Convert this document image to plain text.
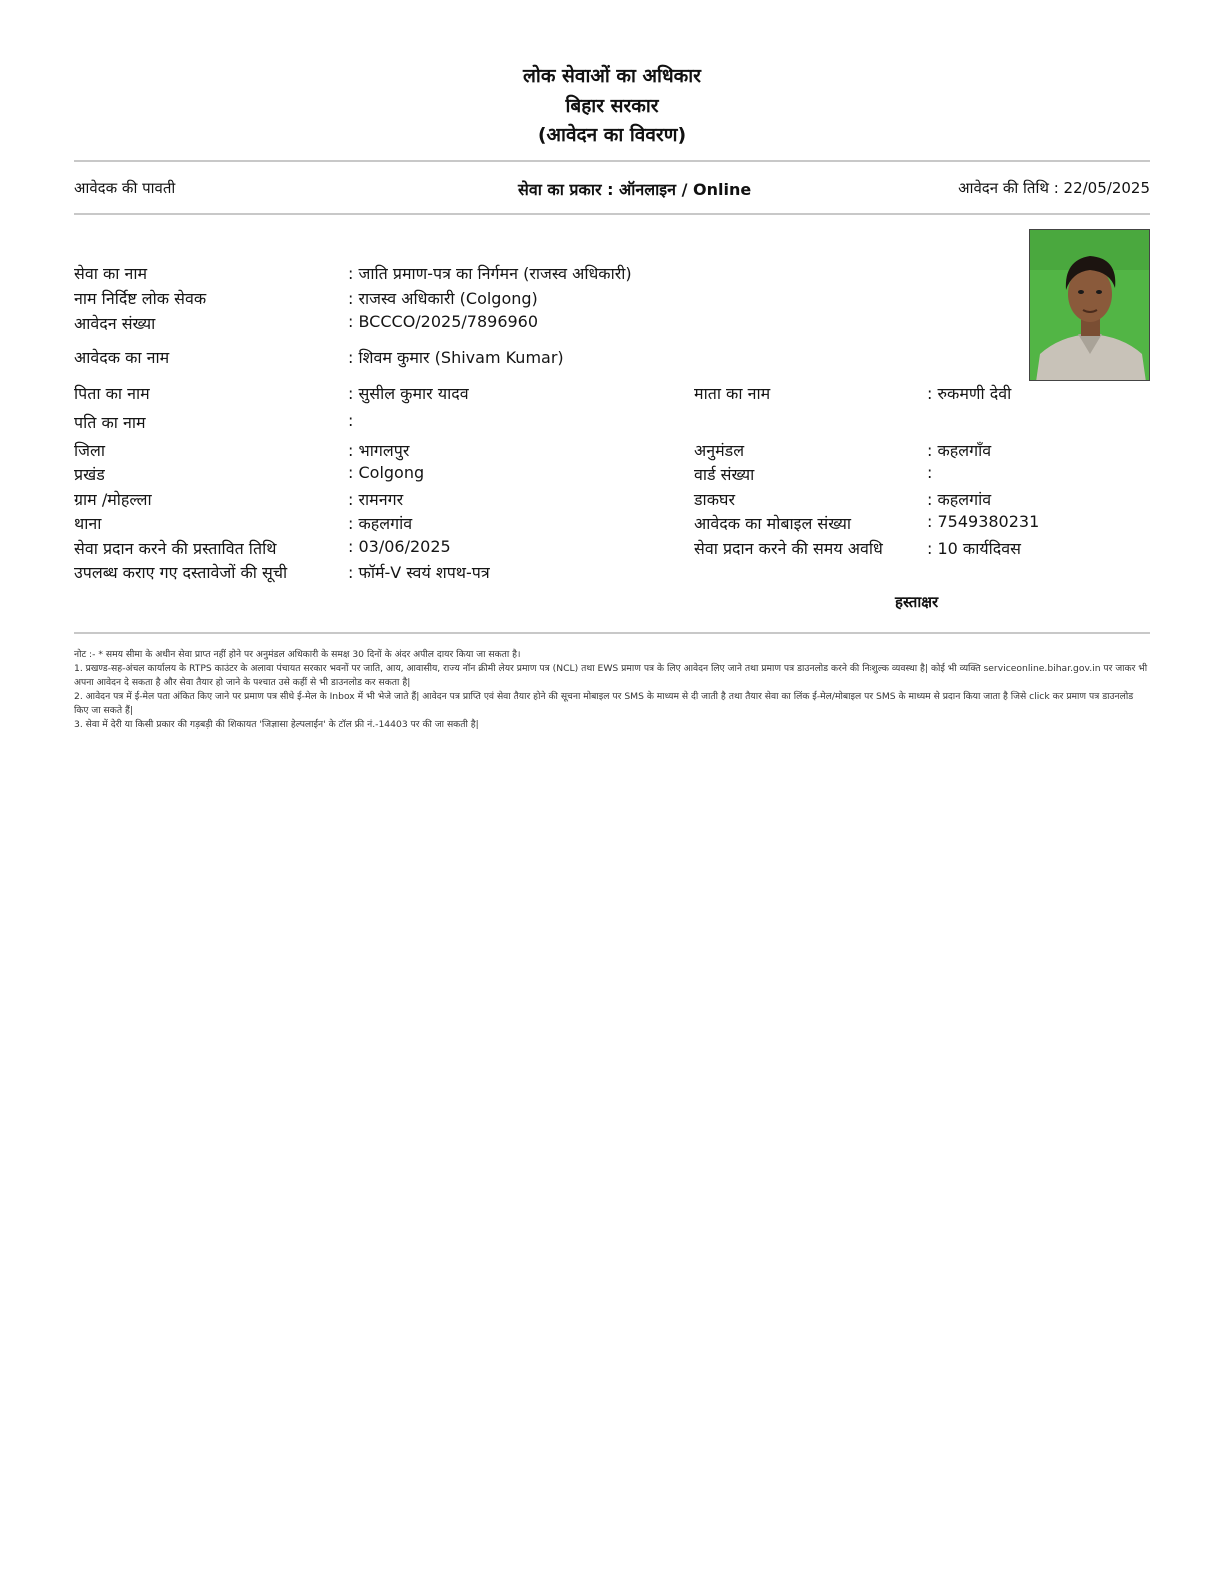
लोक सेवाओं का अधिकार
बिहार सरकार
(आवेदन का विवरण)
आवेदक की पावती	सेवा का प्रकार : ऑनलाइन / Online	आवेदन की तिथि : 22/05/2025
सेवा का नाम	: जाति प्रमाण-पत्र का निर्गमन (राजस्व अधिकारी)
नाम निर्दिष्ट लोक सेवक	: राजस्व अधिकारी (Colgong)
आवेदन संख्या	: BCCCO/2025/7896960
आवेदक का नाम	: शिवम कुमार (Shivam Kumar)
पिता का नाम	: सुसील कुमार यादव	माता का नाम	: रुकमणी देवी
पति का नाम	:
जिला	: भागलपुर	अनुमंडल	: कहलगाँव
प्रखंड	: Colgong	वार्ड संख्या	:
ग्राम /मोहल्ला	: रामनगर	डाकघर	: कहलगांव
थाना	: कहलगांव	आवेदक का मोबाइल संख्या	: 7549380231
सेवा प्रदान करने की प्रस्तावित तिथि	: 03/06/2025	सेवा प्रदान करने की समय अवधि	: 10 कार्यदिवस
उपलब्ध कराए गए दस्तावेजों की सूची	: फॉर्म-V स्वयं शपथ-पत्र
हस्ताक्षर
नोट :- * समय सीमा के अधीन सेवा प्राप्त नहीं होने पर अनुमंडल अधिकारी के समक्ष 30 दिनों के अंदर अपील दायर किया जा सकता है।
1. प्रखण्ड-सह-अंचल कार्यालय के RTPS काउंटर के अलावा पंचायत सरकार भवनों पर जाति, आय, आवासीय, राज्य नॉन क्रीमी लेयर प्रमाण पत्र (NCL) तथा EWS प्रमाण पत्र के लिए आवेदन लिए जाने तथा प्रमाण पत्र डाउनलोड करने की निःशुल्क व्यवस्था है| कोई भी व्यक्ति serviceonline.bihar.gov.in पर जाकर भी अपना आवेदन दे सकता है और सेवा तैयार हो जाने के पश्चात उसे कहीं से भी डाउनलोड कर सकता है|
2. आवेदन पत्र में ई-मेल पता अंकित किए जाने पर प्रमाण पत्र सीधे ई-मेल के Inbox में भी भेजे जाते हैं| आवेदन पत्र प्राप्ति एवं सेवा तैयार होने की सूचना मोबाइल पर SMS के माध्यम से दी जाती है तथा तैयार सेवा का लिंक ई-मेल/मोबाइल पर SMS के माध्यम से प्रदान किया जाता है जिसे click कर प्रमाण पत्र डाउनलोड किए जा सकते हैं|
3. सेवा में देरी या किसी प्रकार की गड़बड़ी की शिकायत 'जिज्ञासा हेल्पलाईन' के टॉल फ्री नं.-14403 पर की जा सकती है|
